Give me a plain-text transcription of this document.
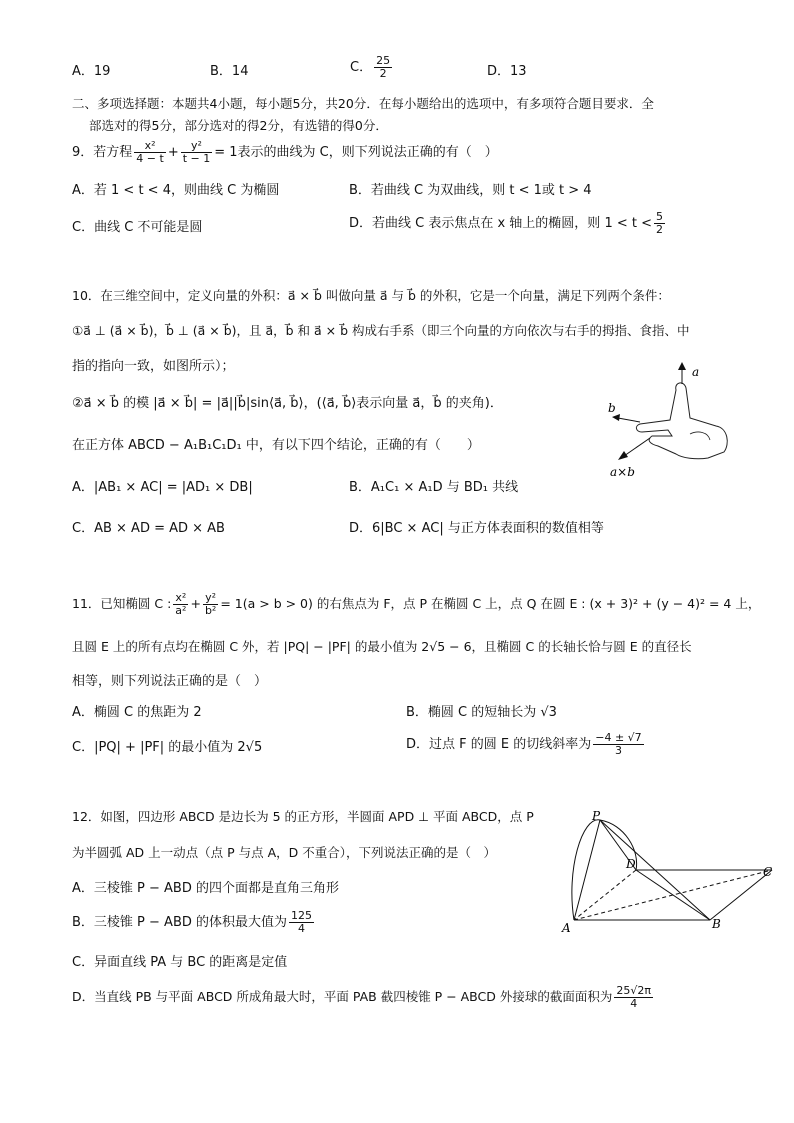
A．19	B．14	C． $\frac{25}{2}$	D．13
二、多项选择题：本题共4小题，每小题5分，共20分．在每小题给出的选项中，有多项符合题目要求．全
部选对的得5分，部分选对的得2分，有选错的得0分．
9．若方程 $\frac{\text{x²}}{4 - t} + \frac{\text{y²}}{t - 1} = 1$表示的曲线为 C，则下列说法正确的有（　）
A．若 1 < t < 4，则曲线 C 为椭圆	B．若曲线 C 为双曲线，则 t < 1或 t > 4
C．曲线 C 不可能是圆	D．若曲线 C 表示焦点在 x 轴上的椭圆，则 $1 < t < \frac{5}{2}$
10．在三维空间中，定义向量的外积：a⃗ × b⃗ 叫做向量 a⃗ 与 b⃗ 的外积，它是一个向量，满足下列两个条件：
①a⃗ ⊥ (a⃗ × b⃗)，b⃗ ⊥ (a⃗ × b⃗)，且 a⃗，b⃗ 和 a⃗ × b⃗ 构成右手系（即三个向量的方向依次与右手的拇指、食指、中
指的指向一致，如图所示）；
②a⃗ × b⃗ 的模 |a⃗ × b⃗| = |a⃗||b⃗|sin⟨a⃗, b⃗⟩，(⟨a⃗, b⃗⟩表示向量 a⃗，b⃗ 的夹角)．
在正方体 ABCD − A₁B₁C₁D₁ 中，有以下四个结论，正确的有（　　）
A．|AB₁ × AC| = |AD₁ × DB|	B．A₁C₁ × A₁D 与 BD₁ 共线
C．AB × AD = AD × AB	D．6|BC × AC| 与正方体表面积的数值相等
a
b
a×b
11．已知椭圆 C : $\frac{\text{x²}}{\text{a²}} + \frac{\text{y²}}{\text{b²}} = 1(a > b > 0)$ 的右焦点为 F，点 P 在椭圆 C 上，点 Q 在圆 E : (x + 3)² + (y − 4)² = 4 上，
且圆 E 上的所有点均在椭圆 C 外，若 |PQ| − |PF| 的最小值为 2√5 − 6，且椭圆 C 的长轴长恰与圆 E 的直径长
相等，则下列说法正确的是（　）
A．椭圆 C 的焦距为 2	B．椭圆 C 的短轴长为 √3
C．|PQ| + |PF| 的最小值为 2√5	D．过点 F 的圆 E 的切线斜率为 $\frac{-4 \pm √7}{3}$
12．如图，四边形 ABCD 是边长为 5 的正方形，半圆面 APD ⊥ 平面 ABCD，点 P
为半圆弧 AD 上一动点（点 P 与点 A，D 不重合），下列说法正确的是（　）
A．三棱锥 P − ABD 的四个面都是直角三角形
B．三棱锥 P − ABD 的体积最大值为 $\frac{125}{4}$
C．异面直线 PA 与 BC 的距离是定值
D．当直线 PB 与平面 ABCD 所成角最大时，平面 PAB 截四棱锥 P − ABCD 外接球的截面面积为 $\frac{25√2\pi}{4}$
P
D
C
A	B
